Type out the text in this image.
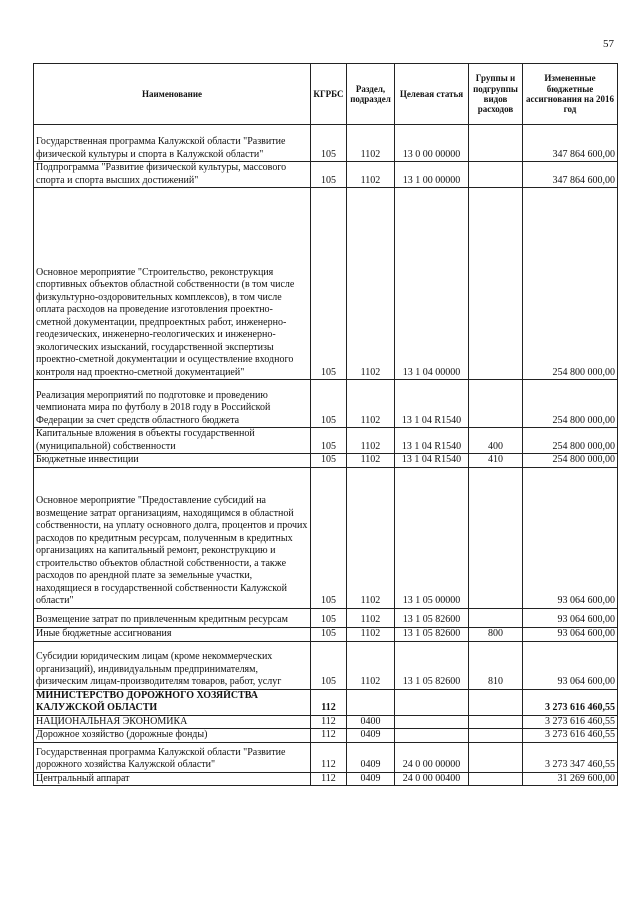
57
Наименование	КГРБС	Раздел, подраздел	Целевая статья	Группы и подгруппы видов расходов	Измененные бюджетные ассигнования на 2016 год
Государственная программа Калужской области "Развитие физической культуры и спорта в Калужской области"	105	1102	13 0 00 00000		347 864 600,00
Подпрограмма "Развитие физической культуры, массового спорта и спорта высших достижений"	105	1102	13 1 00 00000		347 864 600,00
Основное мероприятие "Строительство, реконструкция спортивных объектов областной собственности (в том числе физкультурно-оздоровительных комплексов), в том числе оплата расходов на проведение изготовления проектно-сметной документации, предпроектных работ, инженерно-геодезических, инженерно-геологических и инженерно-экологических изысканий, государственной экспертизы проектно-сметной документации и осуществление входного контроля над проектно-сметной документацией"	105	1102	13 1 04 00000		254 800 000,00
Реализация мероприятий по подготовке и проведению чемпионата мира по футболу в 2018 году в Российской Федерации за счет средств областного бюджета	105	1102	13 1 04 R1540		254 800 000,00
Капитальные вложения в объекты государственной (муниципальной) собственности	105	1102	13 1 04 R1540	400	254 800 000,00
Бюджетные инвестиции	105	1102	13 1 04 R1540	410	254 800 000,00
Основное мероприятие "Предоставление субсидий на возмещение затрат организациям, находящимся в областной собственности, на уплату основного долга, процентов и прочих расходов по кредитным ресурсам, полученным в кредитных организациях на капитальный ремонт, реконструкцию и строительство объектов областной собственности, а также расходов по арендной плате за земельные участки, находящиеся в государственной собственности Калужской области"	105	1102	13 1 05 00000		93 064 600,00
Возмещение затрат по привлеченным кредитным ресурсам	105	1102	13 1 05 82600		93 064 600,00
Иные бюджетные ассигнования	105	1102	13 1 05 82600	800	93 064 600,00
Субсидии юридическим лицам (кроме некоммерческих организаций), индивидуальным предпринимателям, физическим лицам-производителям товаров, работ, услуг	105	1102	13 1 05 82600	810	93 064 600,00
МИНИСТЕРСТВО ДОРОЖНОГО ХОЗЯЙСТВА КАЛУЖСКОЙ ОБЛАСТИ	112				3 273 616 460,55
НАЦИОНАЛЬНАЯ ЭКОНОМИКА	112	0400			3 273 616 460,55
Дорожное хозяйство (дорожные фонды)	112	0409			3 273 616 460,55
Государственная программа Калужской области "Развитие дорожного хозяйства Калужской области"	112	0409	24 0 00 00000		3 273 347 460,55
Центральный аппарат	112	0409	24 0 00 00400		31 269 600,00
